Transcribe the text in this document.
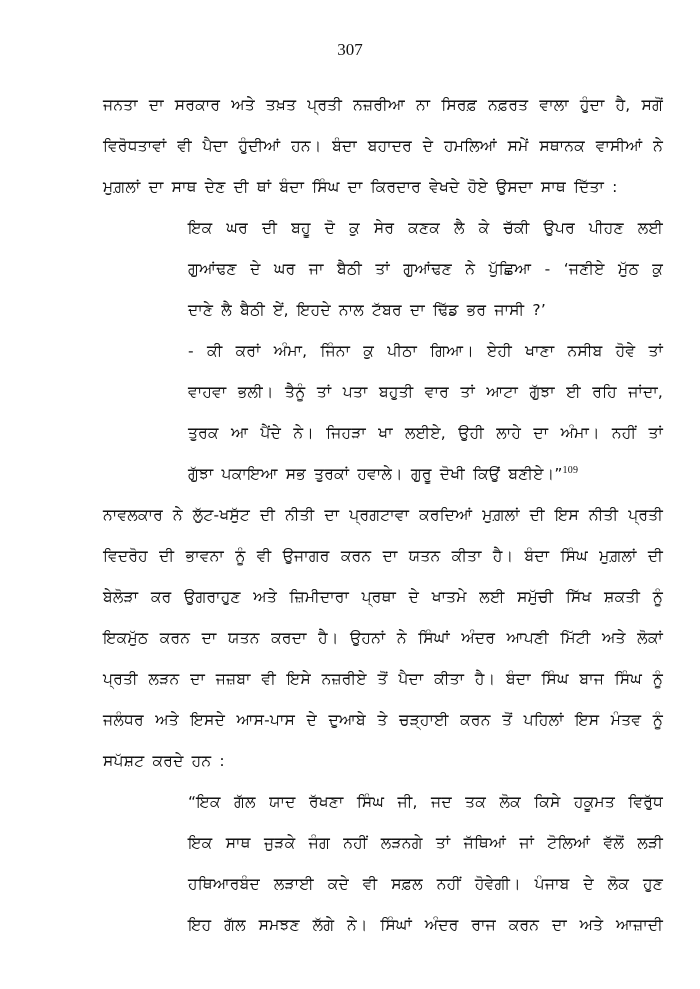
307
ਜਨਤਾ ਦਾ ਸਰਕਾਰ ਅਤੇ ਤਖ਼ਤ ਪ੍ਰਤੀ ਨਜ਼ਰੀਆ ਨਾ ਸਿਰਫ਼ ਨਫ਼ਰਤ ਵਾਲਾ ਹੁੰਦਾ ਹੈ, ਸਗੋਂ
ਵਿਰੋਧਤਾਵਾਂ ਵੀ ਪੈਦਾ ਹੁੰਦੀਆਂ ਹਨ। ਬੰਦਾ ਬਹਾਦਰ ਦੇ ਹਮਲਿਆਂ ਸਮੇਂ ਸਥਾਨਕ ਵਾਸੀਆਂ ਨੇ
ਮੁਗ਼ਲਾਂ ਦਾ ਸਾਥ ਦੇਣ ਦੀ ਥਾਂ ਬੰਦਾ ਸਿੰਘ ਦਾ ਕਿਰਦਾਰ ਵੇਖਦੇ ਹੋਏ ਉਸਦਾ ਸਾਥ ਦਿੱਤਾ :
ਇਕ ਘਰ ਦੀ ਬਹੂ ਦੋ ਕੁ ਸੇਰ ਕਣਕ ਲੈ ਕੇ ਚੱਕੀ ਉਪਰ ਪੀਹਣ ਲਈ
ਗੁਆਂਢਣ ਦੇ ਘਰ ਜਾ ਬੈਠੀ ਤਾਂ ਗੁਆਂਢਣ ਨੇ ਪੁੱਛਿਆ - ‘ਜਣੀਏ ਮੁੱਠ ਕੁ
ਦਾਣੇ ਲੈ ਬੈਠੀ ਏਂ, ਇਹਦੇ ਨਾਲ ਟੱਬਰ ਦਾ ਢਿੱਡ ਭਰ ਜਾਸੀ ?’
- ਕੀ ਕਰਾਂ ਅੰਮਾ, ਜਿੰਨਾ ਕੁ ਪੀਠਾ ਗਿਆ। ਏਹੀ ਖਾਣਾ ਨਸੀਬ ਹੋਵੇ ਤਾਂ
ਵਾਹਵਾ ਭਲੀ। ਤੈਨੂੰ ਤਾਂ ਪਤਾ ਬਹੁਤੀ ਵਾਰ ਤਾਂ ਆਟਾ ਗੁੱਝਾ ਈ ਰਹਿ ਜਾਂਦਾ,
ਤੁਰਕ ਆ ਪੈਂਦੇ ਨੇ। ਜਿਹੜਾ ਖਾ ਲਈਏ, ਉਹੀ ਲਾਹੇ ਦਾ ਅੰਮਾ। ਨਹੀਂ ਤਾਂ
ਗੁੱਝਾ ਪਕਾਇਆ ਸਭ ਤੁਰਕਾਂ ਹਵਾਲੇ। ਗੁਰੂ ਦੋਖੀ ਕਿਉਂ ਬਣੀਏ।”$^{109}$
ਨਾਵਲਕਾਰ ਨੇ ਲੁੱਟ-ਖਸੁੱਟ ਦੀ ਨੀਤੀ ਦਾ ਪ੍ਰਗਟਾਵਾ ਕਰਦਿਆਂ ਮੁਗ਼ਲਾਂ ਦੀ ਇਸ ਨੀਤੀ ਪ੍ਰਤੀ
ਵਿਦਰੋਹ ਦੀ ਭਾਵਨਾ ਨੂੰ ਵੀ ਉਜਾਗਰ ਕਰਨ ਦਾ ਯਤਨ ਕੀਤਾ ਹੈ। ਬੰਦਾ ਸਿੰਘ ਮੁਗ਼ਲਾਂ ਦੀ
ਬੇਲੋੜਾ ਕਰ ਉਗਰਾਹੁਣ ਅਤੇ ਜ਼ਿਮੀਦਾਰਾ ਪ੍ਰਥਾ ਦੇ ਖਾਤਮੇ ਲਈ ਸਮੁੱਚੀ ਸਿੱਖ ਸ਼ਕਤੀ ਨੂੰ
ਇਕਮੁੱਠ ਕਰਨ ਦਾ ਯਤਨ ਕਰਦਾ ਹੈ। ਉਹਨਾਂ ਨੇ ਸਿੰਘਾਂ ਅੰਦਰ ਆਪਣੀ ਮਿੱਟੀ ਅਤੇ ਲੋਕਾਂ
ਪ੍ਰਤੀ ਲੜਨ ਦਾ ਜਜ਼ਬਾ ਵੀ ਇਸੇ ਨਜ਼ਰੀਏ ਤੋਂ ਪੈਦਾ ਕੀਤਾ ਹੈ। ਬੰਦਾ ਸਿੰਘ ਬਾਜ ਸਿੰਘ ਨੂੰ
ਜਲੰਧਰ ਅਤੇ ਇਸਦੇ ਆਸ-ਪਾਸ ਦੇ ਦੁਆਬੇ ਤੇ ਚੜ੍ਹਾਈ ਕਰਨ ਤੋਂ ਪਹਿਲਾਂ ਇਸ ਮੰਤਵ ਨੂੰ
ਸਪੱਸ਼ਟ ਕਰਦੇ ਹਨ :
“ਇਕ ਗੱਲ ਯਾਦ ਰੱਖਣਾ ਸਿੰਘ ਜੀ, ਜਦ ਤਕ ਲੋਕ ਕਿਸੇ ਹਕੂਮਤ ਵਿਰੁੱਧ
ਇਕ ਸਾਥ ਜੁੜਕੇ ਜੰਗ ਨਹੀਂ ਲੜਨਗੇ ਤਾਂ ਜੱਥਿਆਂ ਜਾਂ ਟੋਲਿਆਂ ਵੱਲੋਂ ਲੜੀ
ਹਥਿਆਰਬੰਦ ਲੜਾਈ ਕਦੇ ਵੀ ਸਫ਼ਲ ਨਹੀਂ ਹੋਵੇਗੀ। ਪੰਜਾਬ ਦੇ ਲੋਕ ਹੁਣ
ਇਹ ਗੱਲ ਸਮਝਣ ਲੱਗੇ ਨੇ। ਸਿੰਘਾਂ ਅੰਦਰ ਰਾਜ ਕਰਨ ਦਾ ਅਤੇ ਆਜ਼ਾਦੀ
